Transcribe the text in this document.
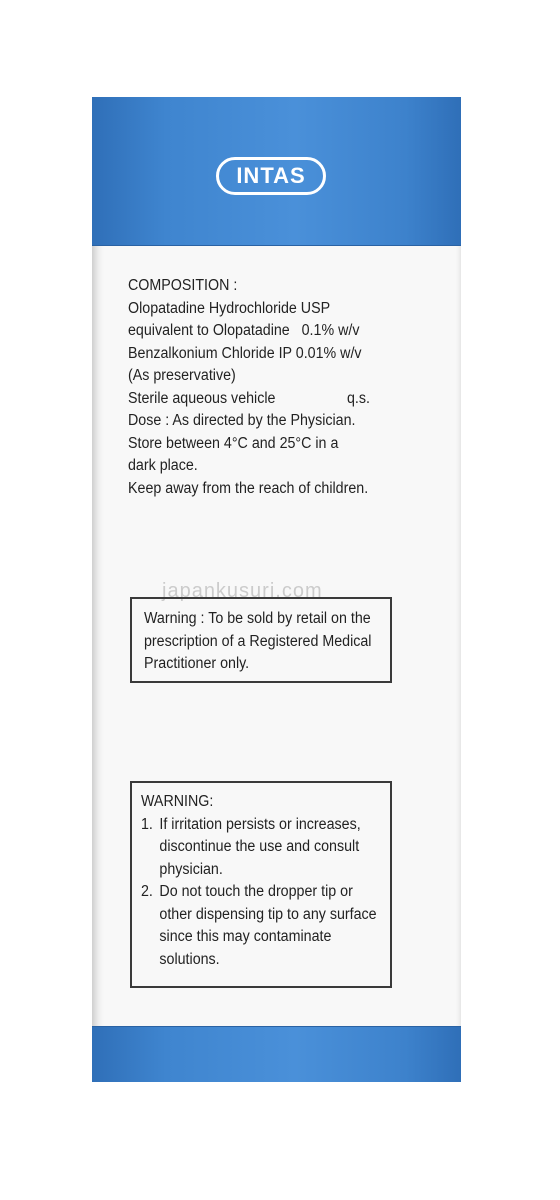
INTAS
COMPOSITION :
Olopatadine Hydrochloride USP
equivalent to Olopatadine   0.1% w/v
Benzalkonium Chloride IP 0.01% w/v
(As preservative)
Sterile aqueous vehicle	q.s.
Dose : As directed by the Physician.
Store between 4°C and 25°C in a
dark place.
Keep away from the reach of children.
japankusuri.com
Warning : To be sold by retail on the
prescription of a Registered Medical
Practitioner only.
WARNING:
1. If irritation persists or increases,
discontinue the use and consult
physician.
2. Do not touch the dropper tip or
other dispensing tip to any surface
since this may contaminate
solutions.
